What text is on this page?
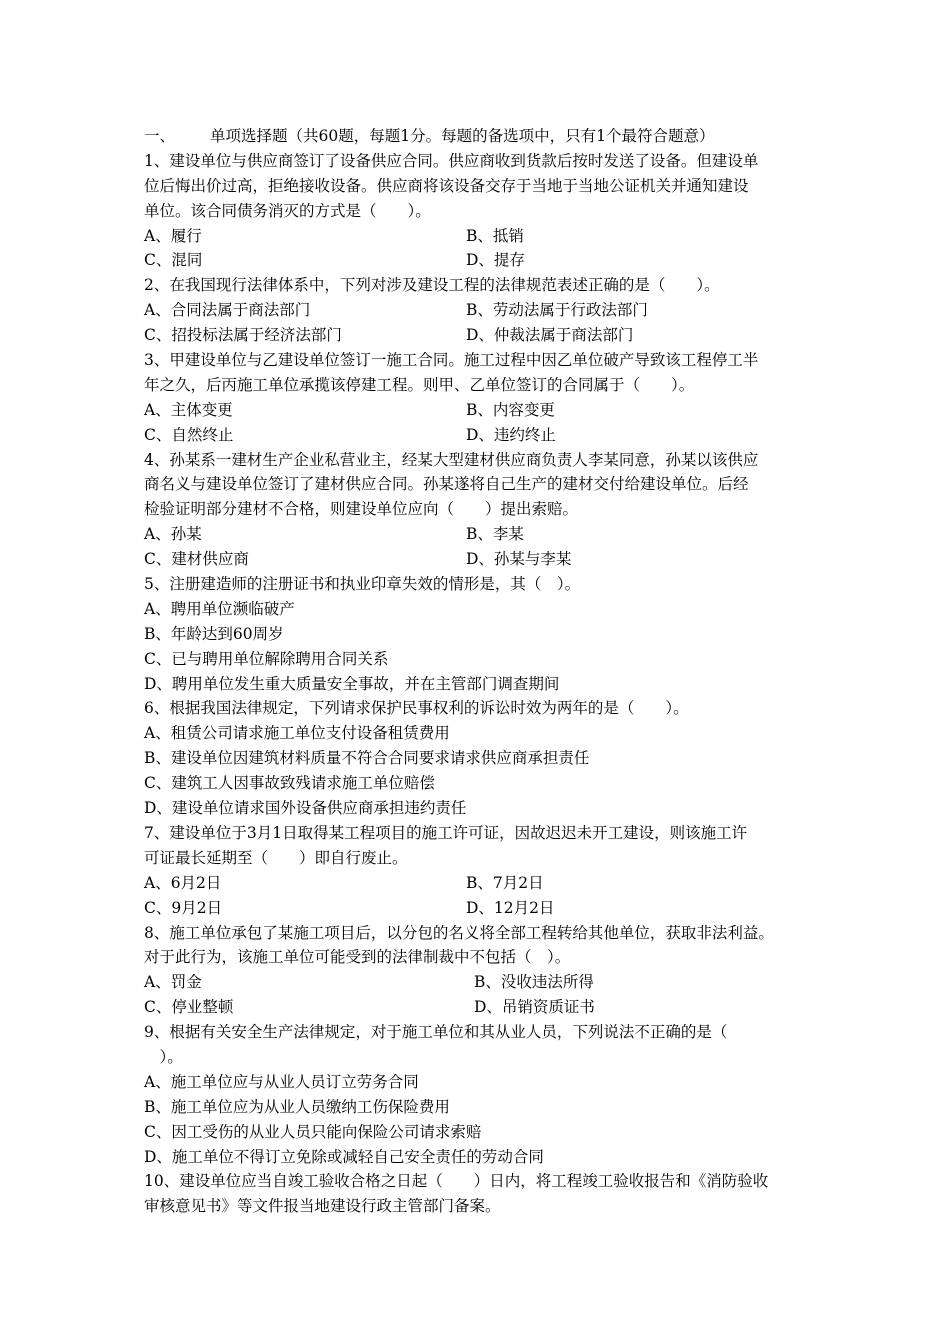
一、 单项选择题（共60题，每题1分。每题的备选项中，只有1个最符合题意）
1、建设单位与供应商签订了设备供应合同。供应商收到货款后按时发送了设备。但建设单
位后悔出价过高，拒绝接收设备。供应商将该设备交存于当地于当地公证机关并通知建设
单位。该合同债务消灭的方式是（　　）。
A、履行	B、抵销
C、混同	D、提存
2、在我国现行法律体系中，下列对涉及建设工程的法律规范表述正确的是（　　）。
A、合同法属于商法部门	B、劳动法属于行政法部门
C、招投标法属于经济法部门	D、仲裁法属于商法部门
3、甲建设单位与乙建设单位签订一施工合同。施工过程中因乙单位破产导致该工程停工半
年之久，后丙施工单位承揽该停建工程。则甲、乙单位签订的合同属于（　　）。
A、主体变更	B、内容变更
C、自然终止	D、违约终止
4、孙某系一建材生产企业私营业主，经某大型建材供应商负责人李某同意，孙某以该供应
商名义与建设单位签订了建材供应合同。孙某遂将自己生产的建材交付给建设单位。后经
检验证明部分建材不合格，则建设单位应向（　　）提出索赔。
A、孙某	B、李某
C、建材供应商	D、孙某与李某
5、注册建造师的注册证书和执业印章失效的情形是，其（　）。
A、聘用单位濒临破产
B、年龄达到60周岁
C、已与聘用单位解除聘用合同关系
D、聘用单位发生重大质量安全事故，并在主管部门调查期间
6、根据我国法律规定，下列请求保护民事权利的诉讼时效为两年的是（　　）。
A、租赁公司请求施工单位支付设备租赁费用
B、建设单位因建筑材料质量不符合合同要求请求供应商承担责任
C、建筑工人因事故致残请求施工单位赔偿
D、建设单位请求国外设备供应商承担违约责任
7、建设单位于3月1日取得某工程项目的施工许可证，因故迟迟未开工建设，则该施工许
可证最长延期至（　　）即自行废止。
A、6月2日	B、7月2日
C、9月2日	D、12月2日
8、施工单位承包了某施工项目后，以分包的名义将全部工程转给其他单位，获取非法利益。
对于此行为，该施工单位可能受到的法律制裁中不包括（　）。
A、罚金	B、没收违法所得
C、停业整顿	D、吊销资质证书
9、根据有关安全生产法律规定，对于施工单位和其从业人员，下列说法不正确的是（
　）。
A、施工单位应与从业人员订立劳务合同
B、施工单位应为从业人员缴纳工伤保险费用
C、因工受伤的从业人员只能向保险公司请求索赔
D、施工单位不得订立免除或减轻自己安全责任的劳动合同
10、建设单位应当自竣工验收合格之日起（　　）日内，将工程竣工验收报告和《消防验收
审核意见书》等文件报当地建设行政主管部门备案。
